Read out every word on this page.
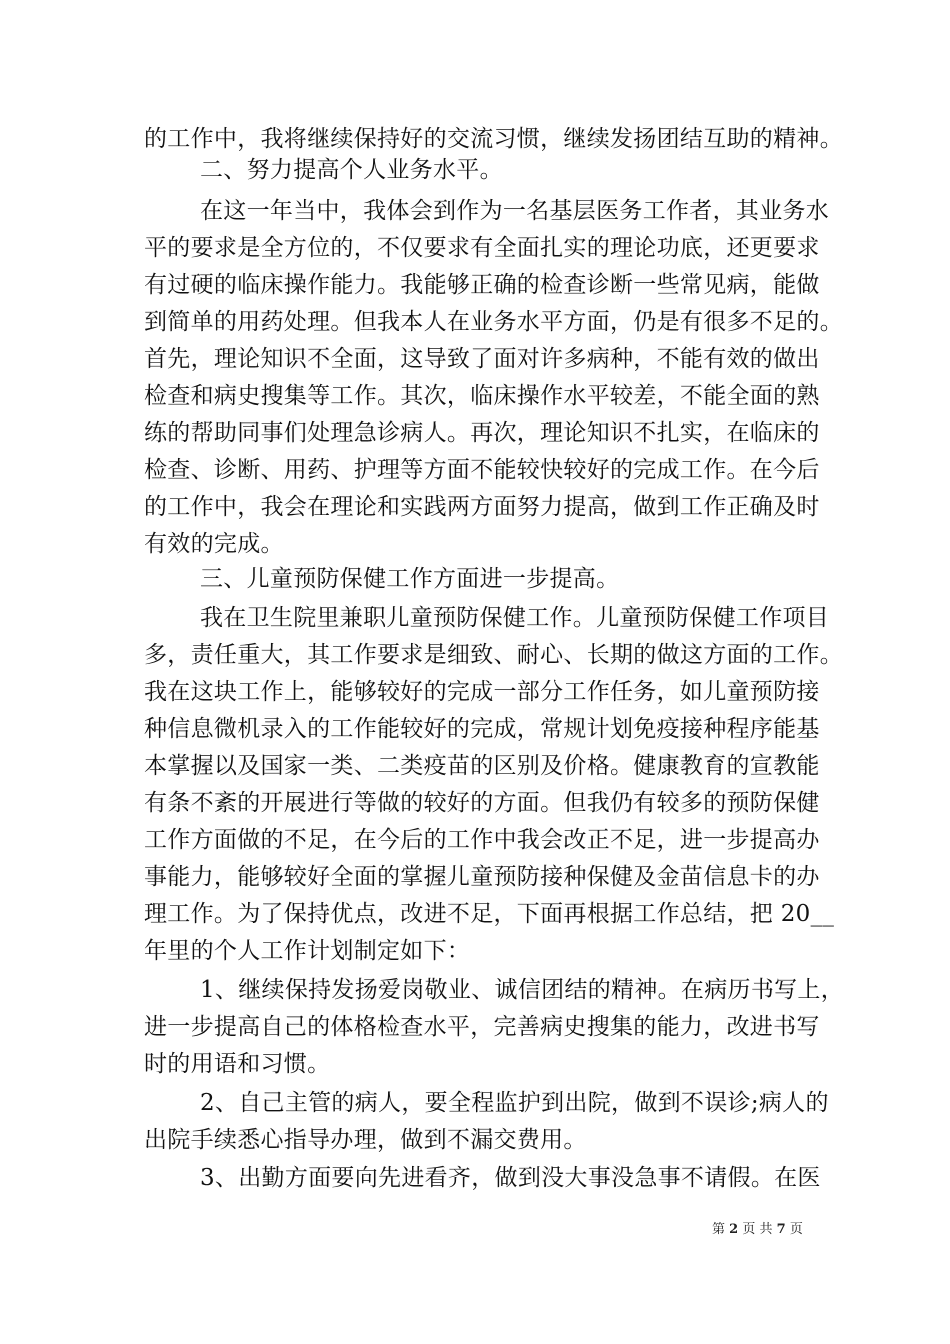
的工作中，我将继续保持好的交流习惯，继续发扬团结互助的精神。
二、努力提高个人业务水平。
在这一年当中，我体会到作为一名基层医务工作者，其业务水
平的要求是全方位的，不仅要求有全面扎实的理论功底，还更要求
有过硬的临床操作能力。我能够正确的检查诊断一些常见病，能做
到简单的用药处理。但我本人在业务水平方面，仍是有很多不足的。
首先，理论知识不全面，这导致了面对许多病种，不能有效的做出
检查和病史搜集等工作。其次，临床操作水平较差，不能全面的熟
练的帮助同事们处理急诊病人。再次，理论知识不扎实，在临床的
检查、诊断、用药、护理等方面不能较快较好的完成工作。在今后
的工作中，我会在理论和实践两方面努力提高，做到工作正确及时
有效的完成。
三、儿童预防保健工作方面进一步提高。
我在卫生院里兼职儿童预防保健工作。儿童预防保健工作项目
多，责任重大，其工作要求是细致、耐心、长期的做这方面的工作。
我在这块工作上，能够较好的完成一部分工作任务，如儿童预防接
种信息微机录入的工作能较好的完成，常规计划免疫接种程序能基
本掌握以及国家一类、二类疫苗的区别及价格。健康教育的宣教能
有条不紊的开展进行等做的较好的方面。但我仍有较多的预防保健
工作方面做的不足，在今后的工作中我会改正不足，进一步提高办
事能力，能够较好全面的掌握儿童预防接种保健及金苗信息卡的办
理工作。为了保持优点，改进不足，下面再根据工作总结，把 20__
年里的个人工作计划制定如下：
1、继续保持发扬爱岗敬业、诚信团结的精神。在病历书写上，
进一步提高自己的体格检查水平，完善病史搜集的能力，改进书写
时的用语和习惯。
2、自己主管的病人，要全程监护到出院，做到不误诊;病人的
出院手续悉心指导办理，做到不漏交费用。
3、出勤方面要向先进看齐，做到没大事没急事不请假。在医
第 2 页 共 7 页
